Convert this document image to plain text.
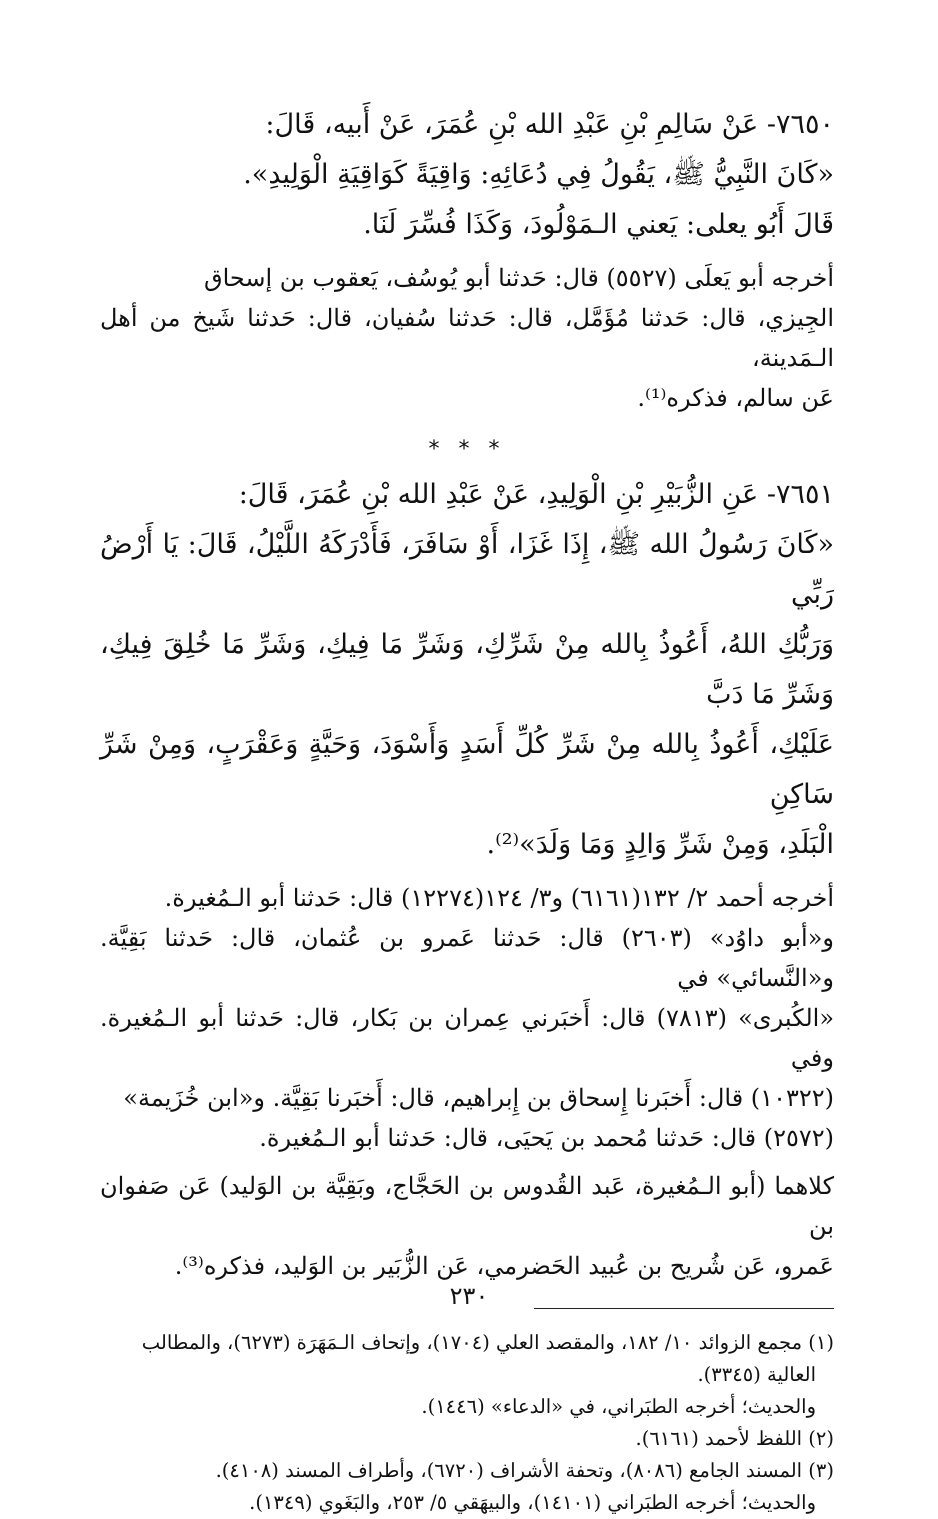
٧٦٥٠- عَنْ سَالِمِ بْنِ عَبْدِ الله بْنِ عُمَرَ، عَنْ أَبيه، قَالَ:
«كَانَ النَّبِيُّ ﷺ، يَقُولُ فِي دُعَائِهِ: وَاقِيَةً كَوَاقِيَةِ الْوَلِيدِ».
قَالَ أَبُو يعلى: يَعني الـمَوْلُودَ، وَكَذَا فُسِّرَ لَنَا.
أخرجه أبو يَعلَى (٥٥٢٧) قال: حَدثنا أبو يُوسُف، يَعقوب بن إسحاق
الجِيزي، قال: حَدثنا مُؤَمَّل، قال: حَدثنا سُفيان، قال: حَدثنا شَيخ من أهل الـمَدينة،
عَن سالم، فذكره⁽¹⁾.
* * *
٧٦٥١- عَنِ الزُّبَيْرِ بْنِ الْوَلِيدِ، عَنْ عَبْدِ الله بْنِ عُمَرَ، قَالَ:
«كَانَ رَسُولُ الله ﷺ، إِذَا غَزَا، أَوْ سَافَرَ، فَأَدْرَكَهُ اللَّيْلُ، قَالَ: يَا أَرْضُ رَبِّي
وَرَبُّكِ اللهُ، أَعُوذُ بِالله مِنْ شَرِّكِ، وَشَرِّ مَا فِيكِ، وَشَرِّ مَا خُلِقَ فِيكِ، وَشَرِّ مَا دَبَّ
عَلَيْكِ، أَعُوذُ بِالله مِنْ شَرِّ كُلِّ أَسَدٍ وَأَسْوَدَ، وَحَيَّةٍ وَعَقْرَبٍ، وَمِنْ شَرِّ سَاكِنِ
الْبَلَدِ، وَمِنْ شَرِّ وَالِدٍ وَمَا وَلَدَ»⁽²⁾.
أخرجه أحمد ٢/ ١٣٢(٦١٦١) و٣/ ١٢٤(١٢٢٧٤) قال: حَدثنا أبو الـمُغيرة.
و«أبو داوُد» (٢٦٠٣) قال: حَدثنا عَمرو بن عُثمان، قال: حَدثنا بَقِيَّة. و«النَّسائي» في
«الكُبرى» (٧٨١٣) قال: أَخبَرني عِمران بن بَكار، قال: حَدثنا أبو الـمُغيرة. وفي
(١٠٣٢٢) قال: أَخبَرنا إِسحاق بن إِبراهيم، قال: أَخبَرنا بَقِيَّة. و«ابن خُزَيمة»
(٢٥٧٢) قال: حَدثنا مُحمد بن يَحيَى، قال: حَدثنا أبو الـمُغيرة.
كلاهما (أبو الـمُغيرة، عَبد القُدوس بن الحَجَّاج، وبَقِيَّة بن الوَليد) عَن صَفوان بن
عَمرو، عَن شُريح بن عُبيد الحَضرمي، عَن الزُّبَير بن الوَليد، فذكره⁽³⁾.
(١) مجمع الزوائد ١٠/ ١٨٢، والمقصد العلي (١٧٠٤)، وإتحاف الـمَهَرَة (٦٢٧٣)، والمطالب
العالية (٣٣٤٥).
والحديث؛ أخرجه الطبَراني، في «الدعاء» (١٤٤٦).
(٢) اللفظ لأحمد (٦١٦١).
(٣) المسند الجامع (٨٠٨٦)، وتحفة الأشراف (٦٧٢٠)، وأطراف المسند (٤١٠٨).
والحديث؛ أخرجه الطبَراني (١٤١٠١)، والبيهَقي ٥/ ٢٥٣، والبَغَوي (١٣٤٩).
٢٣٠
